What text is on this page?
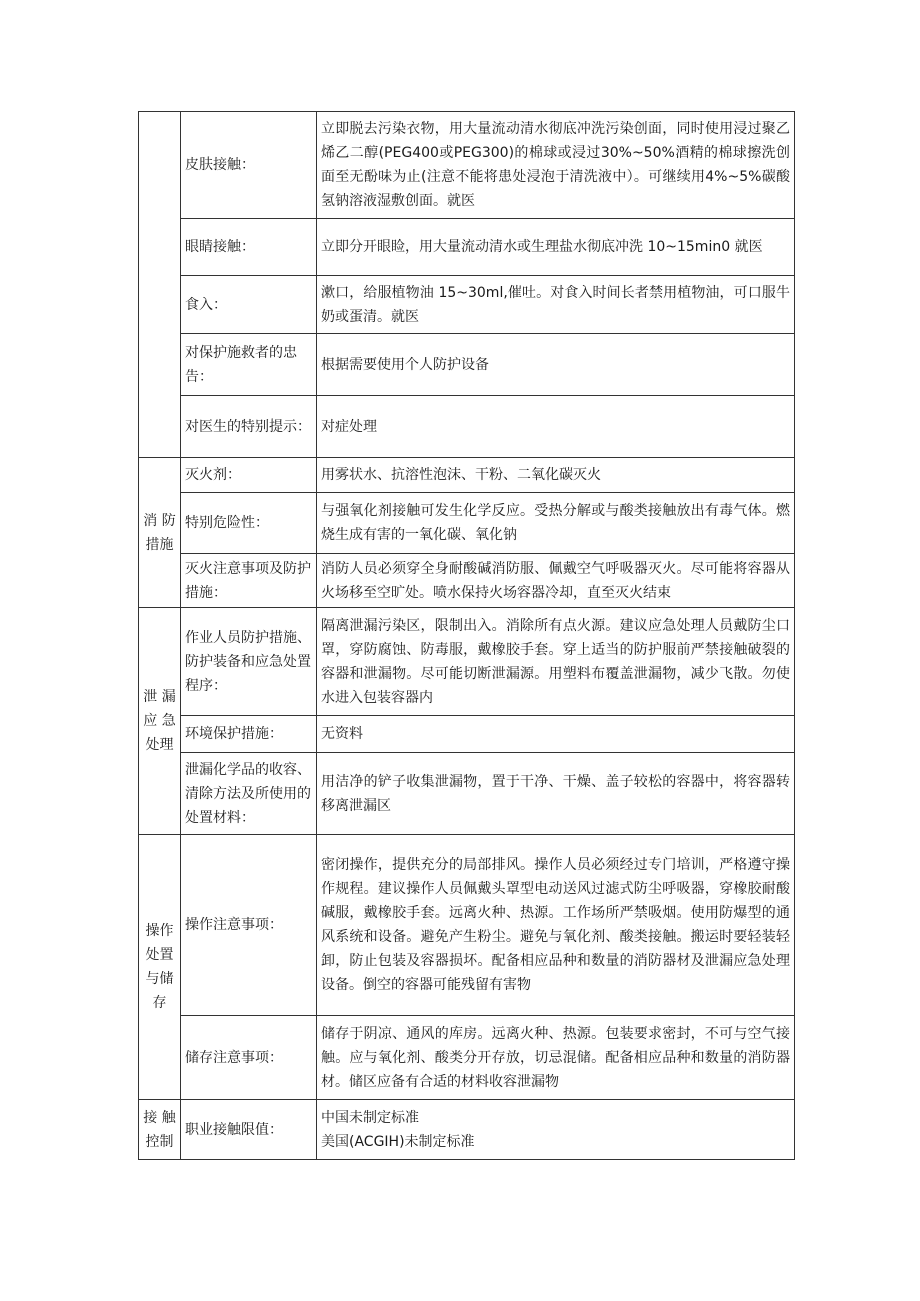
	皮肤接触：	立即脱去污染衣物，用大量流动清水彻底冲洗污染创面，同时使用浸过聚乙烯乙二醇(PEG400或PEG300)的棉球或浸过30%~50%酒精的棉球擦洗创面至无酚味为止(注意不能将患处浸泡于清洗液中）。可继续用4%~5%碳酸氢钠溶液湿敷创面。就医
	眼睛接触：	立即分开眼睑，用大量流动清水或生理盐水彻底冲洗 10~15min0 就医
	食入：	漱口，给服植物油 15~30ml,催吐。对食入时间长者禁用植物油，可口服牛奶或蛋清。就医
	对保护施救者的忠告：	根据需要使用个人防护设备
	对医生的特别提示：	对症处理
消 防措施	灭火剂：	用雾状水、抗溶性泡沫、干粉、二氧化碳灭火
	特别危险性：	与强氧化剂接触可发生化学反应。受热分解或与酸类接触放出有毒气体。燃烧生成有害的一氧化碳、氧化钠
	灭火注意事项及防护措施：	消防人员必须穿全身耐酸碱消防服、佩戴空气呼吸器灭火。尽可能将容器从火场移至空旷处。喷水保持火场容器冷却，直至灭火结束
泄 漏应 急处理	作业人员防护措施、防护装备和应急处置程序：	隔离泄漏污染区，限制出入。消除所有点火源。建议应急处理人员戴防尘口罩，穿防腐蚀、防毒服，戴橡胶手套。穿上适当的防护服前严禁接触破裂的容器和泄漏物。尽可能切断泄漏源。用塑料布覆盖泄漏物，减少飞散。勿使水进入包装容器内
	环境保护措施：	无资料
	泄漏化学品的收容、清除方法及所使用的处置材料：	用洁净的铲子收集泄漏物，置于干净、干燥、盖子较松的容器中，将容器转移离泄漏区
操作处置与储存	操作注意事项：	密闭操作，提供充分的局部排风。操作人员必须经过专门培训，严格遵守操作规程。建议操作人员佩戴头罩型电动送风过滤式防尘呼吸器，穿橡胶耐酸碱服，戴橡胶手套。远离火种、热源。工作场所严禁吸烟。使用防爆型的通风系统和设备。避免产生粉尘。避免与氧化剂、酸类接触。搬运时要轻装轻卸，防止包装及容器损坏。配备相应品种和数量的消防器材及泄漏应急处理设备。倒空的容器可能残留有害物
	储存注意事项：	储存于阴凉、通风的库房。远离火种、热源。包装要求密封，不可与空气接触。应与氧化剂、酸类分开存放，切忌混储。配备相应品种和数量的消防器材。储区应备有合适的材料收容泄漏物
接 触控制	职业接触限值：	中国未制定标准
美国(ACGIH)未制定标准
